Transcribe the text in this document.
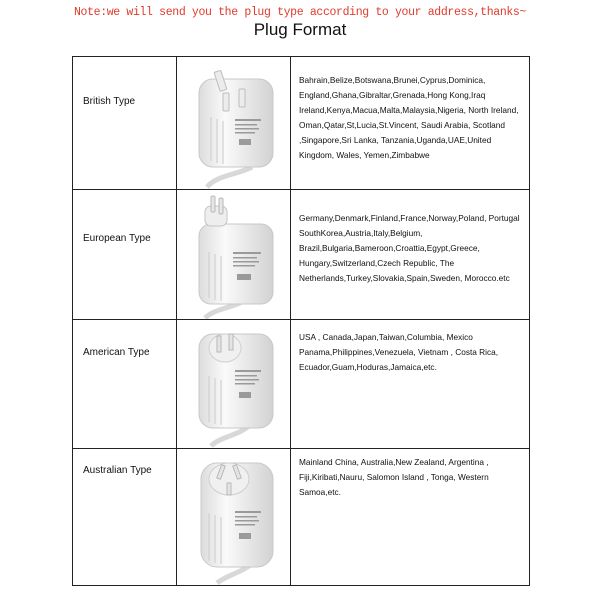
Note:we will send you the plug type according to your address,thanks~
Plug Format
British Type
Bahrain,Belize,Botswana,Brunei,Cyprus,Dominica, England,Ghana,Gibraltar,Grenada,Hong Kong,Iraq Ireland,Kenya,Macua,Malta,Malaysia,Nigeria, North Ireland, Oman,Qatar,St,Lucia,St.Vincent, Saudi Arabia, Scotland ,Singapore,Sri Lanka, Tanzania,Uganda,UAE,United Kingdom, Wales, Yemen,Zimbabwe
European Type
Germany,Denmark,Finland,France,Norway,Poland, Portugal SouthKorea,Austria,Italy,Belgium, Brazil,Bulgaria,Bameroon,Croattia,Egypt,Greece, Hungary,Switzerland,Czech Republic, The Netherlands,Turkey,Slovakia,Spain,Sweden, Morocco.etc
American Type
USA , Canada,Japan,Taiwan,Columbia, Mexico Panama,Philippines,Venezuela, Vietnam , Costa Rica, Ecuador,Guam,Hoduras,Jamaica,etc.
Australian Type
Mainland China, Australia,New Zealand, Argentina , Fiji,Kiribati,Nauru, Salomon Island , Tonga, Western Samoa,etc.
